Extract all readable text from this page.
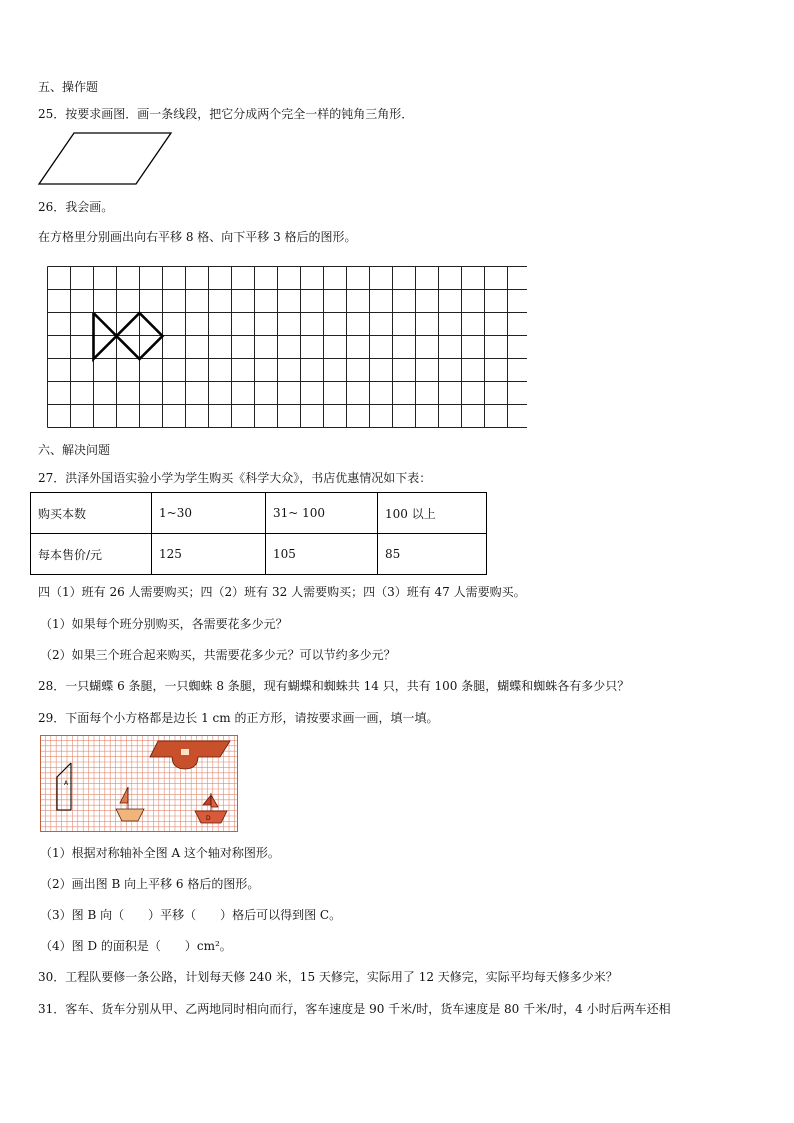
五、操作题
25．按要求画图．画一条线段，把它分成两个完全一样的钝角三角形．
26．我会画。
在方格里分别画出向右平移 8 格、向下平移 3 格后的图形。
六、解决问题
27．洪泽外国语实验小学为学生购买《科学大众》，书店优惠情况如下表：
购买本数	1~30	31~ 100	100 以上
每本售价/元	125	105	85
四（1）班有 26 人需要购买；四（2）班有 32 人需要购买；四（3）班有 47 人需要购买。
（1）如果每个班分别购买，各需要花多少元？
（2）如果三个班合起来购买，共需要花多少元？可以节约多少元？
28．一只蝴蝶 6 条腿，一只蜘蛛 8 条腿，现有蝴蝶和蜘蛛共 14 只，共有 100 条腿，蝴蝶和蜘蛛各有多少只？
29．下面每个小方格都是边长 1 cm 的正方形，请按要求画一画，填一填。
A
D
（1）根据对称轴补全图 A 这个轴对称图形。
（2）画出图 B 向上平移 6 格后的图形。
（3）图 B 向（　　）平移（　　）格后可以得到图 C。
（4）图 D 的面积是（　　）cm²。
30．工程队要修一条公路，计划每天修 240 米，15 天修完，实际用了 12 天修完，实际平均每天修多少米？
31．客车、货车分别从甲、乙两地同时相向而行，客车速度是 90 千米/时，货车速度是 80 千米/时，4 小时后两车还相
